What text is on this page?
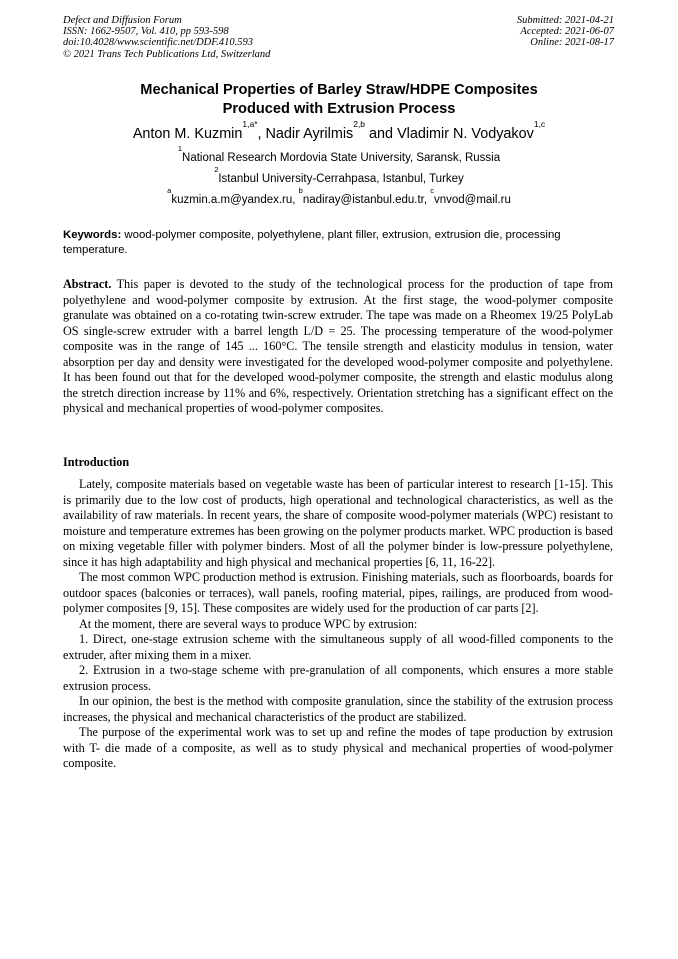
Defect and Diffusion Forum
ISSN: 1662-9507, Vol. 410, pp 593-598
doi:10.4028/www.scientific.net/DDF.410.593
© 2021 Trans Tech Publications Ltd, Switzerland
Submitted: 2021-04-21
Accepted: 2021-06-07
Online: 2021-08-17
Mechanical Properties of Barley Straw/HDPE Composites
Produced with Extrusion Process
Anton M. Kuzmin$^{1,a*}$, Nadir Ayrilmis$^{2,b}$ and Vladimir N. Vodyakov$^{1,c}$
$^1$National Research Mordovia State University, Saransk, Russia
$^2$Istanbul University-Cerrahpasa, Istanbul, Turkey
$^a$kuzmin.a.m@yandex.ru, $^b$nadiray@istanbul.edu.tr, $^c$vnvod@mail.ru
Keywords: wood-polymer composite, polyethylene, plant filler, extrusion, extrusion die, processing temperature.
Abstract. This paper is devoted to the study of the technological process for the production of tape from polyethylene and wood-polymer composite by extrusion. At the first stage, the wood-polymer composite granulate was obtained on a co-rotating twin-screw extruder. The tape was made on a Rheomex 19/25 PolyLab OS single-screw extruder with a barrel length L/D = 25. The processing temperature of the wood-polymer composite was in the range of 145 ... 160°C. The tensile strength and elasticity modulus in tension, water absorption per day and density were investigated for the developed wood-polymer composite and polyethylene. It has been found out that for the developed wood-polymer composite, the strength and elastic modulus along the stretch direction increase by 11% and 6%, respectively. Orientation stretching has a significant effect on the physical and mechanical properties of wood-polymer composites.
Introduction

Lately, composite materials based on vegetable waste has been of particular interest to research [1-15]. This is primarily due to the low cost of products, high operational and technological characteristics, as well as the availability of raw materials. In recent years, the share of composite wood-polymer materials (WPC) resistant to moisture and temperature extremes has been growing on the polymer products market. WPC production is based on mixing vegetable filler with polymer binders. Most of all the polymer binder is low-pressure polyethylene, since it has high adaptability and high physical and mechanical properties [6, 11, 16-22].

The most common WPC production method is extrusion. Finishing materials, such as floorboards, boards for outdoor spaces (balconies or terraces), wall panels, roofing material, pipes, railings, are produced from wood-polymer composites [9, 15]. These composites are widely used for the production of car parts [2].

At the moment, there are several ways to produce WPC by extrusion:

1. Direct, one-stage extrusion scheme with the simultaneous supply of all wood-filled components to the extruder, after mixing them in a mixer.

2. Extrusion in a two-stage scheme with pre-granulation of all components, which ensures a more stable extrusion process.

In our opinion, the best is the method with composite granulation, since the stability of the extrusion process increases, the physical and mechanical characteristics of the product are stabilized.

The purpose of the experimental work was to set up and refine the modes of tape production by extrusion with T- die made of a composite, as well as to study physical and mechanical properties of wood-polymer composite.
